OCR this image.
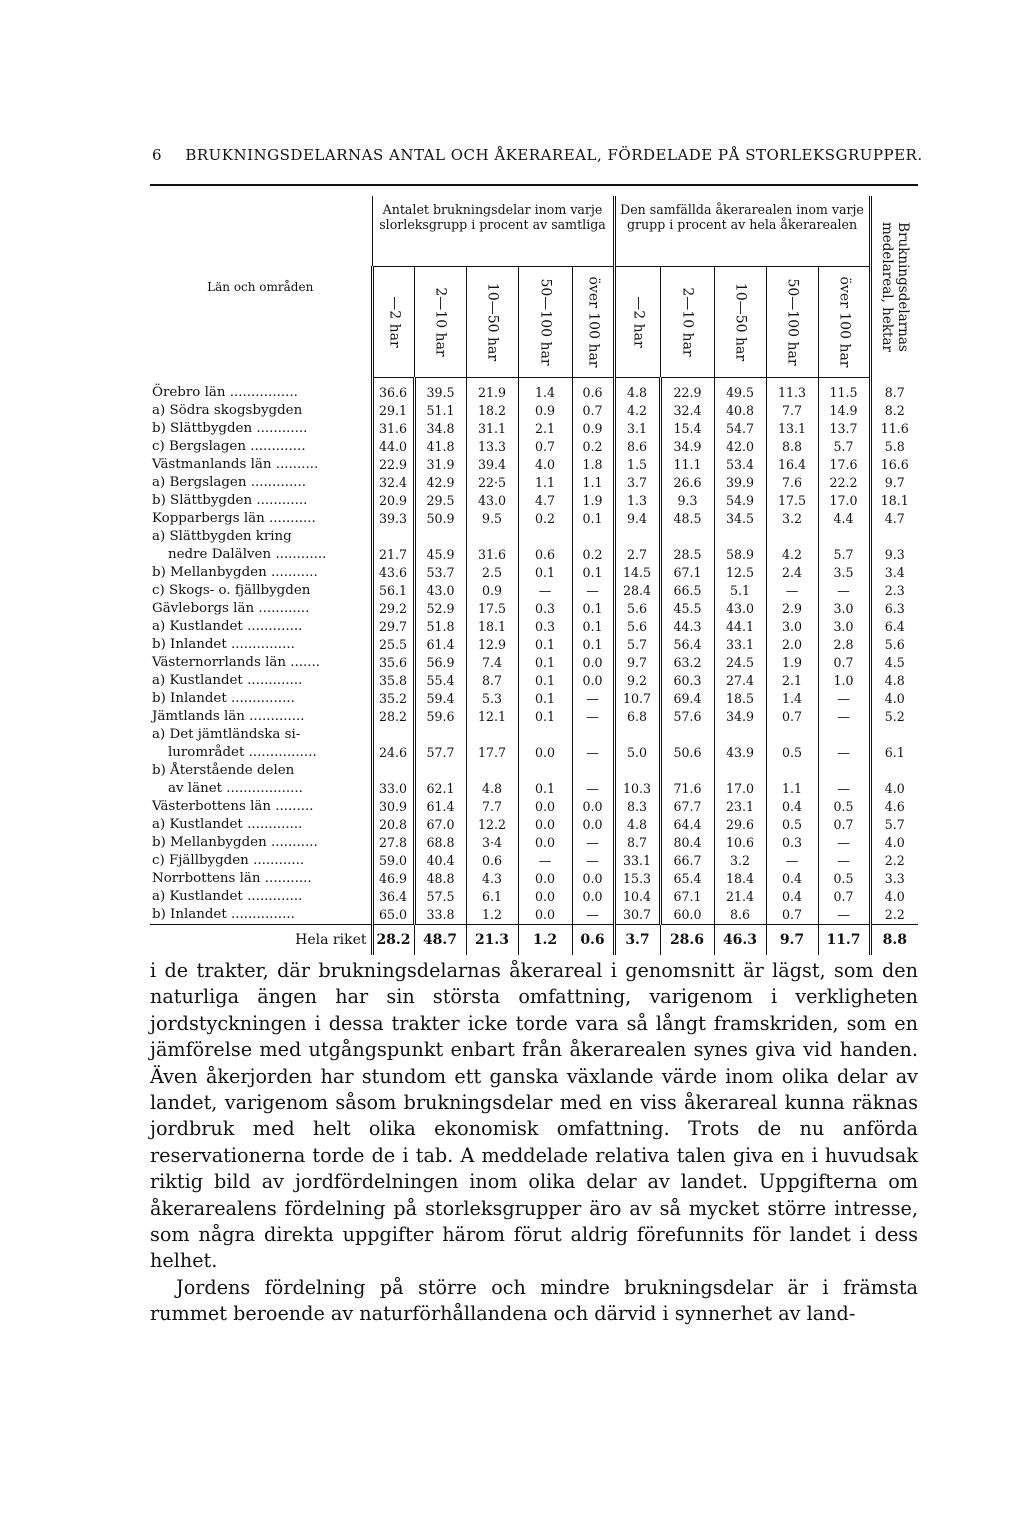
6 BRUKNINGSDELARNAS ANTAL OCH ÅKERAREAL, FÖRDELADE PÅ STORLEKSGRUPPER.
Län och områden	Antalet brukningsdelar inom varje slorleksgrupp i procent av samtliga					Den samfällda åkerarealen inom varje grupp i procent av hela åkerarealen					Brukningsdelarnas medelareal, hektar

	—2 har	2—10 har	10—50 har	50—100 har	över 100 har	—2 har	2—10 har	10—50 har	50—100 har	över 100 har	

Örebro län ................	36.6	39.5	21.9	1.4	0.6	4.8	22.9	49.5	11.3	11.5	8.7
a) Södra skogsbygden	29.1	51.1	18.2	0.9	0.7	4.2	32.4	40.8	7.7	14.9	8.2
b) Slättbygden ............	31.6	34.8	31.1	2.1	0.9	3.1	15.4	54.7	13.1	13.7	11.6
c) Bergslagen .............	44.0	41.8	13.3	0.7	0.2	8.6	34.9	42.0	8.8	5.7	5.8
Västmanlands län ..........	22.9	31.9	39.4	4.0	1.8	1.5	11.1	53.4	16.4	17.6	16.6
a) Bergslagen .............	32.4	42.9	22·5	1.1	1.1	3.7	26.6	39.9	7.6	22.2	9.7
b) Slättbygden ............	20.9	29.5	43.0	4.7	1.9	1.3	9.3	54.9	17.5	17.0	18.1
Kopparbergs län ...........	39.3	50.9	9.5	0.2	0.1	9.4	48.5	34.5	3.2	4.4	4.7
a) Slättbygden kring											
nedre Dalälven ............	21.7	45.9	31.6	0.6	0.2	2.7	28.5	58.9	4.2	5.7	9.3
b) Mellanbygden ...........	43.6	53.7	2.5	0.1	0.1	14.5	67.1	12.5	2.4	3.5	3.4
c) Skogs- o. fjällbygden	56.1	43.0	0.9	—	—	28.4	66.5	5.1	—	—	2.3
Gävleborgs län ............	29.2	52.9	17.5	0.3	0.1	5.6	45.5	43.0	2.9	3.0	6.3
a) Kustlandet .............	29.7	51.8	18.1	0.3	0.1	5.6	44.3	44.1	3.0	3.0	6.4
b) Inlandet ...............	25.5	61.4	12.9	0.1	0.1	5.7	56.4	33.1	2.0	2.8	5.6
Västernorrlands län .......	35.6	56.9	7.4	0.1	0.0	9.7	63.2	24.5	1.9	0.7	4.5
a) Kustlandet .............	35.8	55.4	8.7	0.1	0.0	9.2	60.3	27.4	2.1	1.0	4.8
b) Inlandet ...............	35.2	59.4	5.3	0.1	—	10.7	69.4	18.5	1.4	—	4.0
Jämtlands län .............	28.2	59.6	12.1	0.1	—	6.8	57.6	34.9	0.7	—	5.2
a) Det jämtländska si-											
lurområdet ................	24.6	57.7	17.7	0.0	—	5.0	50.6	43.9	0.5	—	6.1
b) Återstående delen											
av länet ..................	33.0	62.1	4.8	0.1	—	10.3	71.6	17.0	1.1	—	4.0
Västerbottens län .........	30.9	61.4	7.7	0.0	0.0	8.3	67.7	23.1	0.4	0.5	4.6
a) Kustlandet .............	20.8	67.0	12.2	0.0	0.0	4.8	64.4	29.6	0.5	0.7	5.7
b) Mellanbygden ...........	27.8	68.8	3·4	0.0	—	8.7	80.4	10.6	0.3	—	4.0
c) Fjällbygden ............	59.0	40.4	0.6	—	—	33.1	66.7	3.2	—	—	2.2
Norrbottens län ...........	46.9	48.8	4.3	0.0	0.0	15.3	65.4	18.4	0.4	0.5	3.3
a) Kustlandet .............	36.4	57.5	6.1	0.0	0.0	10.4	67.1	21.4	0.4	0.7	4.0
b) Inlandet ...............	65.0	33.8	1.2	0.0	—	30.7	60.0	8.6	0.7	—	2.2
Hela riket	28.2	48.7	21.3	1.2	0.6	3.7	28.6	46.3	9.7	11.7	8.8

i de trakter, där brukningsdelarnas åkerareal i genomsnitt är lägst, som den naturliga ängen har sin största omfattning, varigenom i verkligheten jordstyckningen i dessa trakter icke torde vara så långt framskriden, som en jämförelse med utgångspunkt enbart från åkerarealen synes giva vid handen. Även åkerjorden har stundom ett ganska växlande värde inom olika delar av landet, varigenom såsom brukningsdelar med en viss åkerareal kunna räknas jordbruk med helt olika ekonomisk omfattning. Trots de nu anförda reservationerna torde de i tab. A meddelade relativa talen giva en i huvudsak riktig bild av jordfördelningen inom olika delar av landet. Uppgifterna om åkerarealens fördelning på storleksgrupper äro av så mycket större intresse, som några direkta uppgifter härom förut aldrig förefunnits för landet i dess helhet.

Jordens fördelning på större och mindre brukningsdelar är i främsta rummet beroende av naturförhållandena och därvid i synnerhet av land-
